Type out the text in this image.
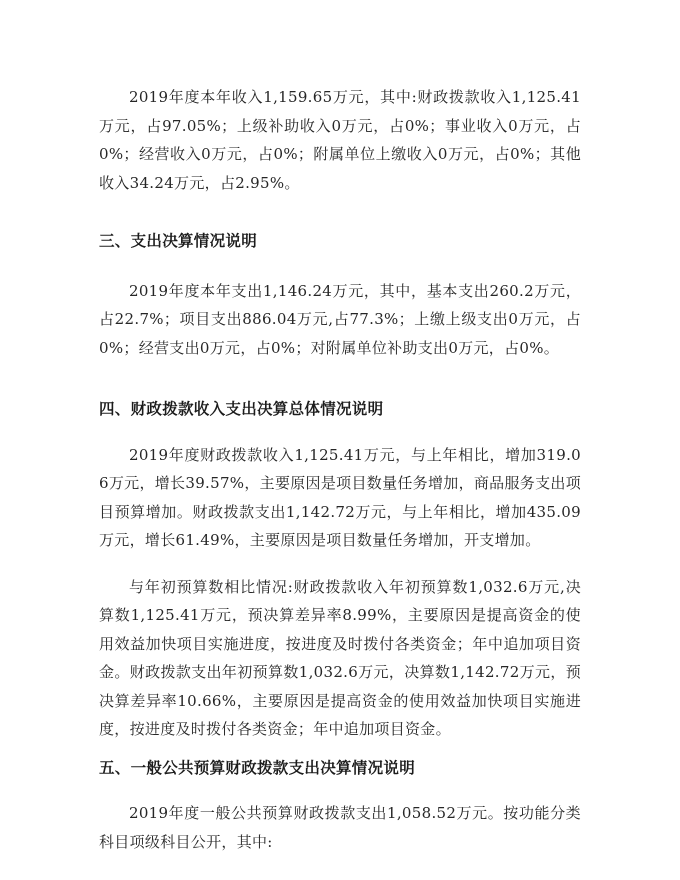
2019年度本年收入1,159.65万元，其中:财政拨款收入1,125.41万元，占97.05%；上级补助收入0万元，占0%；事业收入0万元，占0%；经营收入0万元，占0%；附属单位上缴收入0万元，占0%；其他收入34.24万元，占2.95%。

三、支出决算情况说明

2019年度本年支出1,146.24万元，其中，基本支出260.2万元，占22.7%；项目支出886.04万元,占77.3%；上缴上级支出0万元，占0%；经营支出0万元，占0%；对附属单位补助支出0万元，占0%。

四、财政拨款收入支出决算总体情况说明

2019年度财政拨款收入1,125.41万元，与上年相比，增加319.06万元，增长39.57%，主要原因是项目数量任务增加，商品服务支出项目预算增加。财政拨款支出1,142.72万元，与上年相比，增加435.09万元，增长61.49%，主要原因是项目数量任务增加，开支增加。

与年初预算数相比情况:财政拨款收入年初预算数1,032.6万元,决算数1,125.41万元，预决算差异率8.99%，主要原因是提高资金的使用效益加快项目实施进度，按进度及时拨付各类资金；年中追加项目资金。财政拨款支出年初预算数1,032.6万元，决算数1,142.72万元，预决算差异率10.66%，主要原因是提高资金的使用效益加快项目实施进度，按进度及时拨付各类资金；年中追加项目资金。

五、一般公共预算财政拨款支出决算情况说明

2019年度一般公共预算财政拨款支出1,058.52万元。按功能分类科目项级科目公开，其中:
